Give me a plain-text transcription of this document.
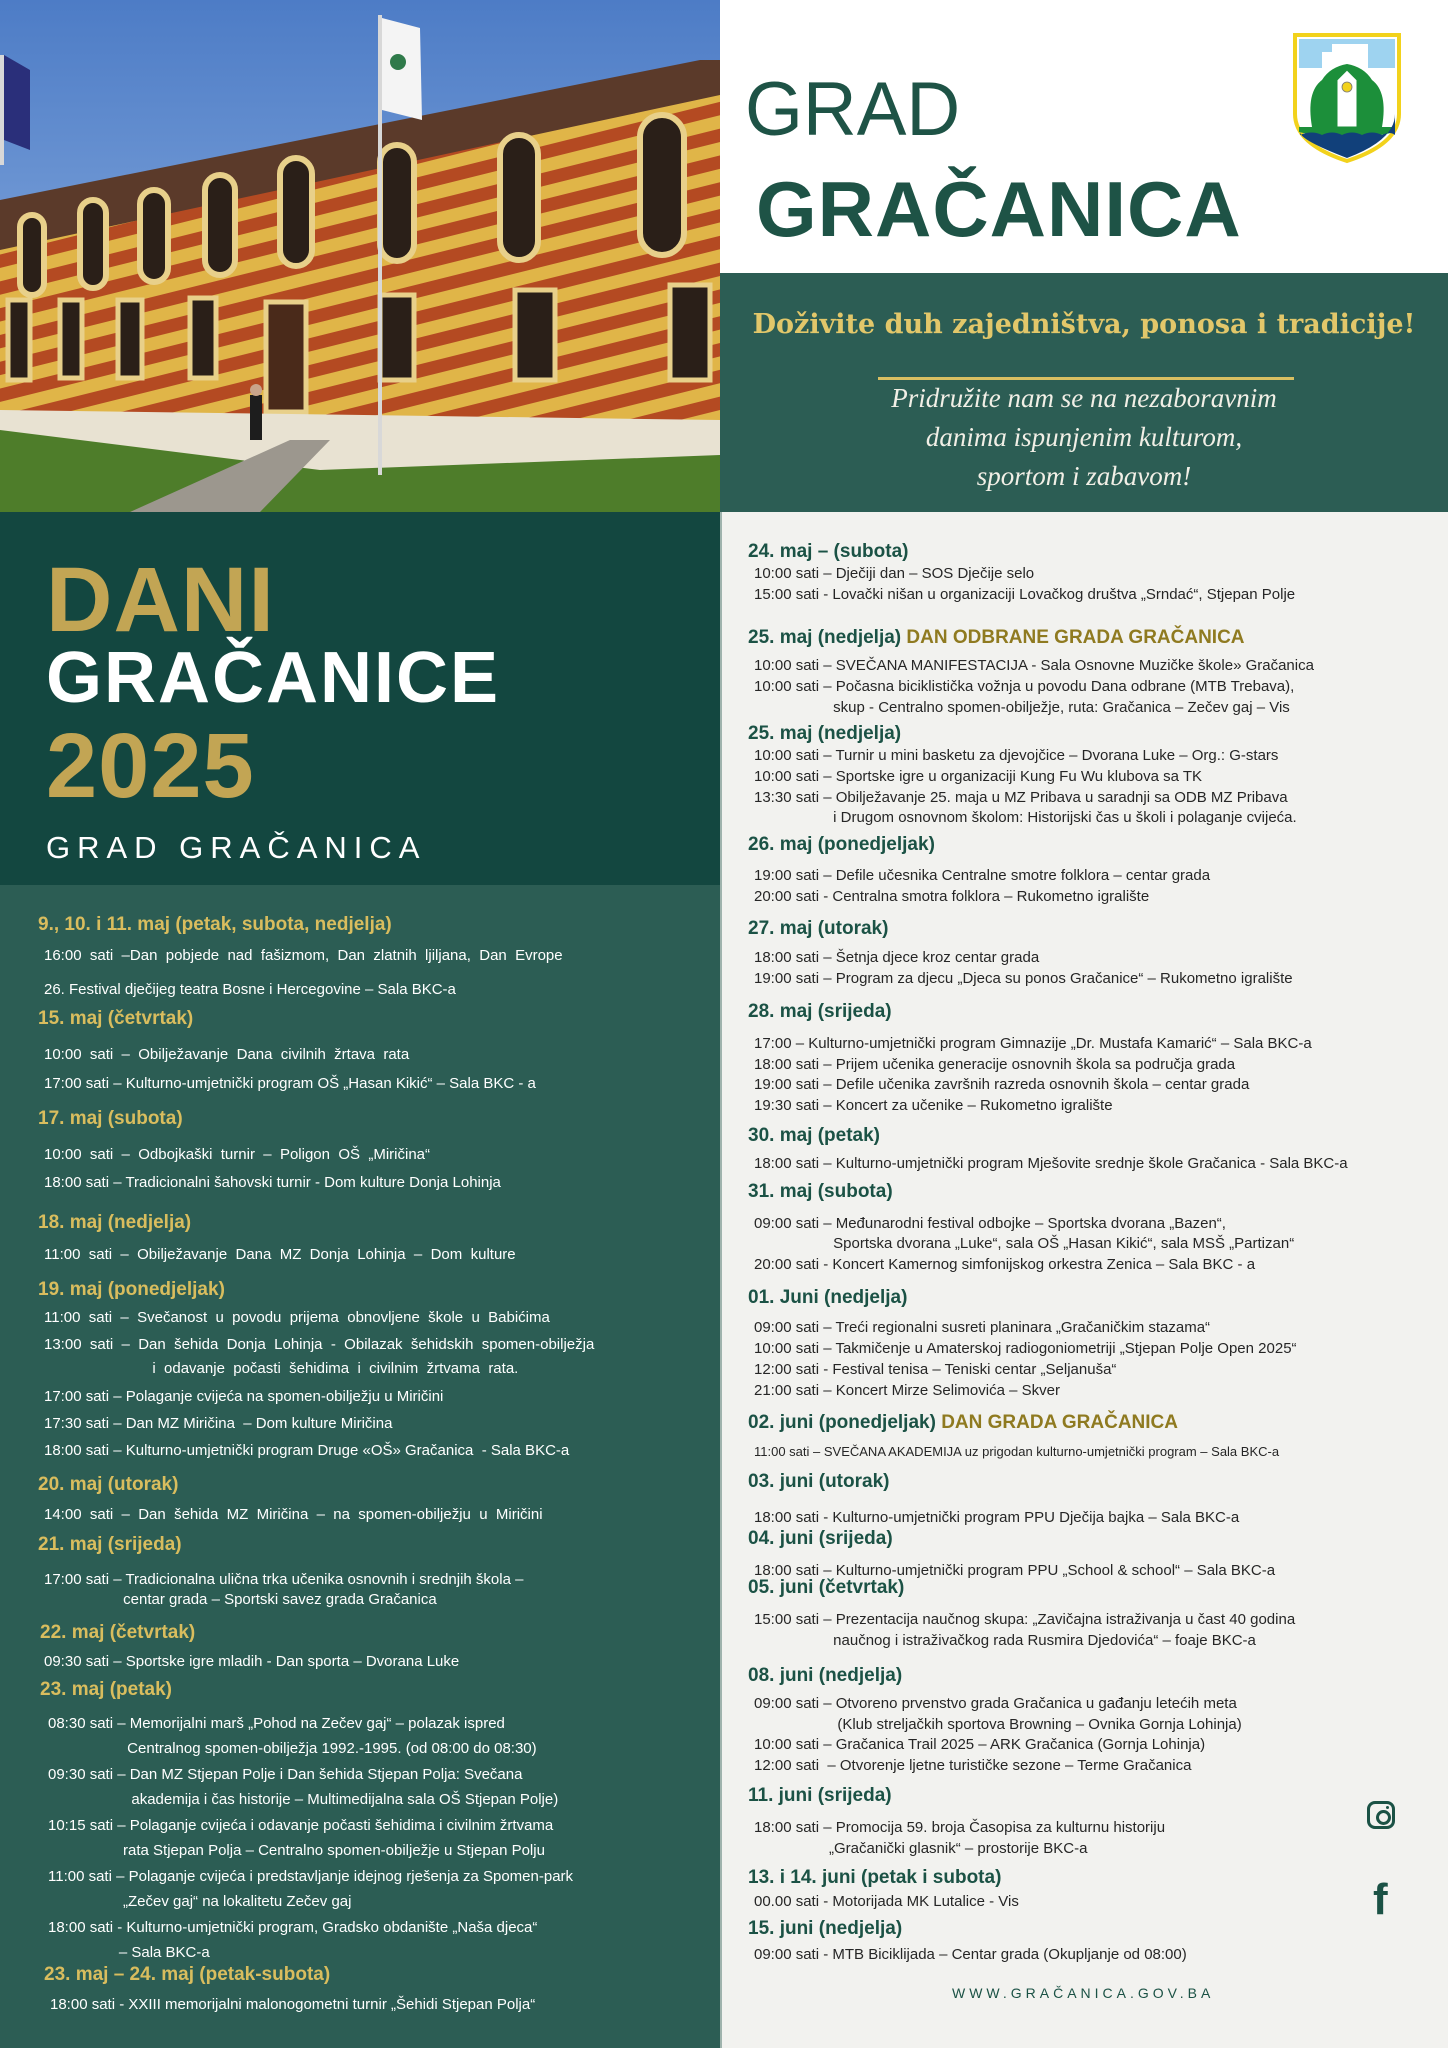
GRAD
GRAČANICA
Doživite duh zajedništva, ponosa i tradicije!
Pridružite nam se na nezaboravnim
danima ispunjenim kulturom,
sportom i zabavom!
DANI
GRAČANICE
2025
GRAD GRAČANICA
9., 10. i 11. maj (petak, subota, nedjelja)
16:00  sati  –Dan  pobjede  nad  fašizmom,  Dan  zlatnih  ljiljana,  Dan  Evrope
26. Festival dječijeg teatra Bosne i Hercegovine – Sala BKC-a
15. maj (četvrtak)
10:00  sati  –  Obilježavanje  Dana  civilnih  žrtava  rata
17:00 sati – Kulturno-umjetnički program OŠ „Hasan Kikić“ – Sala BKC - a
17. maj (subota)
10:00  sati  –  Odbojkaški  turnir  –  Poligon  OŠ  „Miričina“
18:00 sati – Tradicionalni šahovski turnir - Dom kulture Donja Lohinja
18. maj (nedjelja)
11:00  sati  –  Obilježavanje  Dana  MZ  Donja  Lohinja  –  Dom  kulture
19. maj (ponedjeljak)
11:00  sati  –  Svečanost  u  povodu  prijema  obnovljene  škole  u  Babićima
13:00  sati  –  Dan  šehida  Donja  Lohinja  -  Obilazak  šehidskih  spomen-obilježja
i  odavanje  počasti  šehidima  i  civilnim  žrtvama  rata.
17:00 sati – Polaganje cvijeća na spomen-obilježju u Miričini
17:30 sati – Dan MZ Miričina  – Dom kulture Miričina
18:00 sati – Kulturno-umjetnički program Druge «OŠ» Gračanica  - Sala BKC-a
20. maj (utorak)
14:00  sati  –  Dan  šehida  MZ  Miričina  –  na  spomen-obilježju  u  Miričini
21. maj (srijeda)
17:00 sati – Tradicionalna ulična trka učenika osnovnih i srednjih škola –
centar grada – Sportski savez grada Gračanica
22. maj (četvrtak)
09:30 sati – Sportske igre mladih - Dan sporta – Dvorana Luke
23. maj (petak)
08:30 sati – Memorijalni marš „Pohod na Zečev gaj“ – polazak ispred
Centralnog spomen-obilježja 1992.-1995. (od 08:00 do 08:30)
09:30 sati – Dan MZ Stjepan Polje i Dan šehida Stjepan Polja: Svečana
akademija i čas historije – Multimedijalna sala OŠ Stjepan Polje)
10:15 sati – Polaganje cvijeća i odavanje počasti šehidima i civilnim žrtvama
rata Stjepan Polja – Centralno spomen-obilježje u Stjepan Polju
11:00 sati – Polaganje cvijeća i predstavljanje idejnog rješenja za Spomen-park
„Zečev gaj“ na lokalitetu Zečev gaj
18:00 sati - Kulturno-umjetnički program, Gradsko obdanište „Naša djeca“
– Sala BKC-a
23. maj – 24. maj (petak-subota)
18:00 sati - XXIII memorijalni malonogometni turnir „Šehidi Stjepan Polja“
24. maj – (subota)
10:00 sati – Dječiji dan – SOS Dječije selo
15:00 sati - Lovački nišan u organizaciji Lovačkog društva „Srndać“, Stjepan Polje
25. maj (nedjelja) DAN ODBRANE GRADA GRAČANICA
10:00 sati – SVEČANA MANIFESTACIJA - Sala Osnovne Muzičke škole» Gračanica
10:00 sati – Počasna biciklistička vožnja u povodu Dana odbrane (MTB Trebava),
skup - Centralno spomen-obilježje, ruta: Gračanica – Zečev gaj – Vis
25. maj (nedjelja)
10:00 sati – Turnir u mini basketu za djevojčice – Dvorana Luke – Org.: G-stars
10:00 sati – Sportske igre u organizaciji Kung Fu Wu klubova sa TK
13:30 sati – Obilježavanje 25. maja u MZ Pribava u saradnji sa ODB MZ Pribava
i Drugom osnovnom školom: Historijski čas u školi i polaganje cvijeća.
26. maj (ponedjeljak)
19:00 sati – Defile učesnika Centralne smotre folklora – centar grada
20:00 sati - Centralna smotra folklora – Rukometno igralište
27. maj (utorak)
18:00 sati – Šetnja djece kroz centar grada
19:00 sati – Program za djecu „Djeca su ponos Gračanice“ – Rukometno igralište
28. maj (srijeda)
17:00 – Kulturno-umjetnički program Gimnazije „Dr. Mustafa Kamarić“ – Sala BKC-a
18:00 sati – Prijem učenika generacije osnovnih škola sa područja grada
19:00 sati – Defile učenika završnih razreda osnovnih škola – centar grada
19:30 sati – Koncert za učenike – Rukometno igralište
30. maj (petak)
18:00 sati – Kulturno-umjetnički program Mješovite srednje škole Gračanica - Sala BKC-a
31. maj (subota)
09:00 sati – Međunarodni festival odbojke – Sportska dvorana „Bazen“,
Sportska dvorana „Luke“, sala OŠ „Hasan Kikić“, sala MSŠ „Partizan“
20:00 sati - Koncert Kamernog simfonijskog orkestra Zenica – Sala BKC - a
01. Juni (nedjelja)
09:00 sati – Treći regionalni susreti planinara „Gračaničkim stazama“
10:00 sati – Takmičenje u Amaterskoj radiogoniometriji „Stjepan Polje Open 2025“
12:00 sati - Festival tenisa – Teniski centar „Seljanuša“
21:00 sati – Koncert Mirze Selimovića – Skver
02. juni (ponedjeljak) DAN GRADA GRAČANICA
11:00 sati – SVEČANA AKADEMIJA uz prigodan kulturno-umjetnički program – Sala BKC-a
03. juni (utorak)
18:00 sati - Kulturno-umjetnički program PPU Dječija bajka – Sala BKC-a
04. juni (srijeda)
18:00 sati – Kulturno-umjetnički program PPU „School & school“ – Sala BKC-a
05. juni (četvrtak)
15:00 sati – Prezentacija naučnog skupa: „Zavičajna istraživanja u čast 40 godina
naučnog i istraživačkog rada Rusmira Djedovića“ – foaje BKC-a
08. juni (nedjelja)
09:00 sati – Otvoreno prvenstvo grada Gračanica u gađanju letećih meta
(Klub streljačkih sportova Browning – Ovnika Gornja Lohinja)
10:00 sati – Gračanica Trail 2025 – ARK Gračanica (Gornja Lohinja)
12:00 sati  – Otvorenje ljetne turističke sezone – Terme Gračanica
11. juni (srijeda)
18:00 sati – Promocija 59. broja Časopisa za kulturnu historiju
„Gračanički glasnik“ – prostorije BKC-a
13. i 14. juni (petak i subota)
00.00 sati - Motorijada MK Lutalice - Vis
15. juni (nedjelja)
09:00 sati - MTB Biciklijada – Centar grada (Okupljanje od 08:00)
f
WWW.GRAČANICA.GOV.BA
